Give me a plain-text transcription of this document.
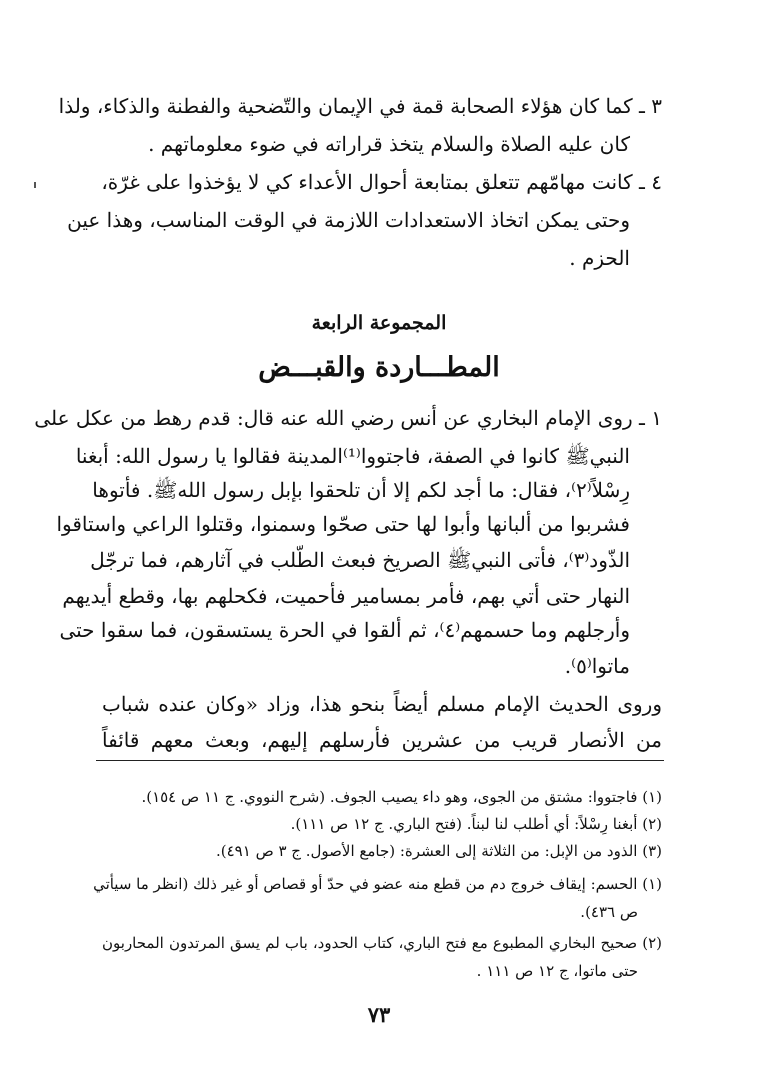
٣ ـ كما كان هؤلاء الصحابة قمة في الإيمان والتّضحية والفطنة والذكاء، ولذا
كان عليه الصلاة والسلام يتخذ قراراته في ضوء معلوماتهم .
٤ ـ كانت مهامّهم تتعلق بمتابعة أحوال الأعداء كي لا يؤخذوا على غرّة،
وحتى يمكن اتخاذ الاستعدادات اللازمة في الوقت المناسب، وهذا عين
الحزم .
المجموعة الرابعة
المطـــاردة والقبـــض
١ ـ روى الإمام البخاري عن أنس رضي الله عنه قال: قدم رهط من عكل على
النبيﷺ كانوا في الصفة، فاجتووا⁽¹⁾المدينة فقالوا يا رسول الله: أبغنا
رِسْلاً⁽٢⁾، فقال: ما أجد لكم إلا أن تلحقوا بإبل رسول اللهﷺ. فأتوها
فشربوا من ألبانها وأبوا لها حتى صحّوا وسمنوا، وقتلوا الراعي واستاقوا
الذّود⁽٣⁾، فأتى النبيﷺ الصريخ فبعث الطّلب في آثارهم، فما ترجّل
النهار حتى أتي بهم، فأمر بمسامير فأحميت، فكحلهم بها، وقطع أيديهم
وأرجلهم وما حسمهم⁽٤⁾، ثم ألقوا في الحرة يستسقون، فما سقوا حتى
ماتوا⁽٥⁾.
وروى الحديث الإمام مسلم أيضاً بنحو هذا، وزاد «وكان عنده شباب
من الأنصار قريب من عشرين فأرسلهم إليهم، وبعث معهم قائفاً
(١) فاجتووا: مشتق من الجوى، وهو داء يصيب الجوف. (شرح النووي. ج ١١ ص ١٥٤).
(٢) أبغنا رِسْلاً: أي أطلب لنا لبناً. (فتح الباري. ج ١٢ ص ١١١).
(٣) الذود من الإبل: من الثلاثة إلى العشرة: (جامع الأصول. ج ٣ ص ٤٩١).
(١) الحسم: إيقاف خروج دم من قطع منه عضو في حدّ أو قصاص أو غير ذلك (انظر ما سيأتي
ص ٤٣٦).
(٢) صحيح البخاري المطبوع مع فتح الباري، كتاب الحدود، باب لم يسق المرتدون المحاربون
حتى ماتوا، ج ١٢ ص ١١١ .
٧٣
